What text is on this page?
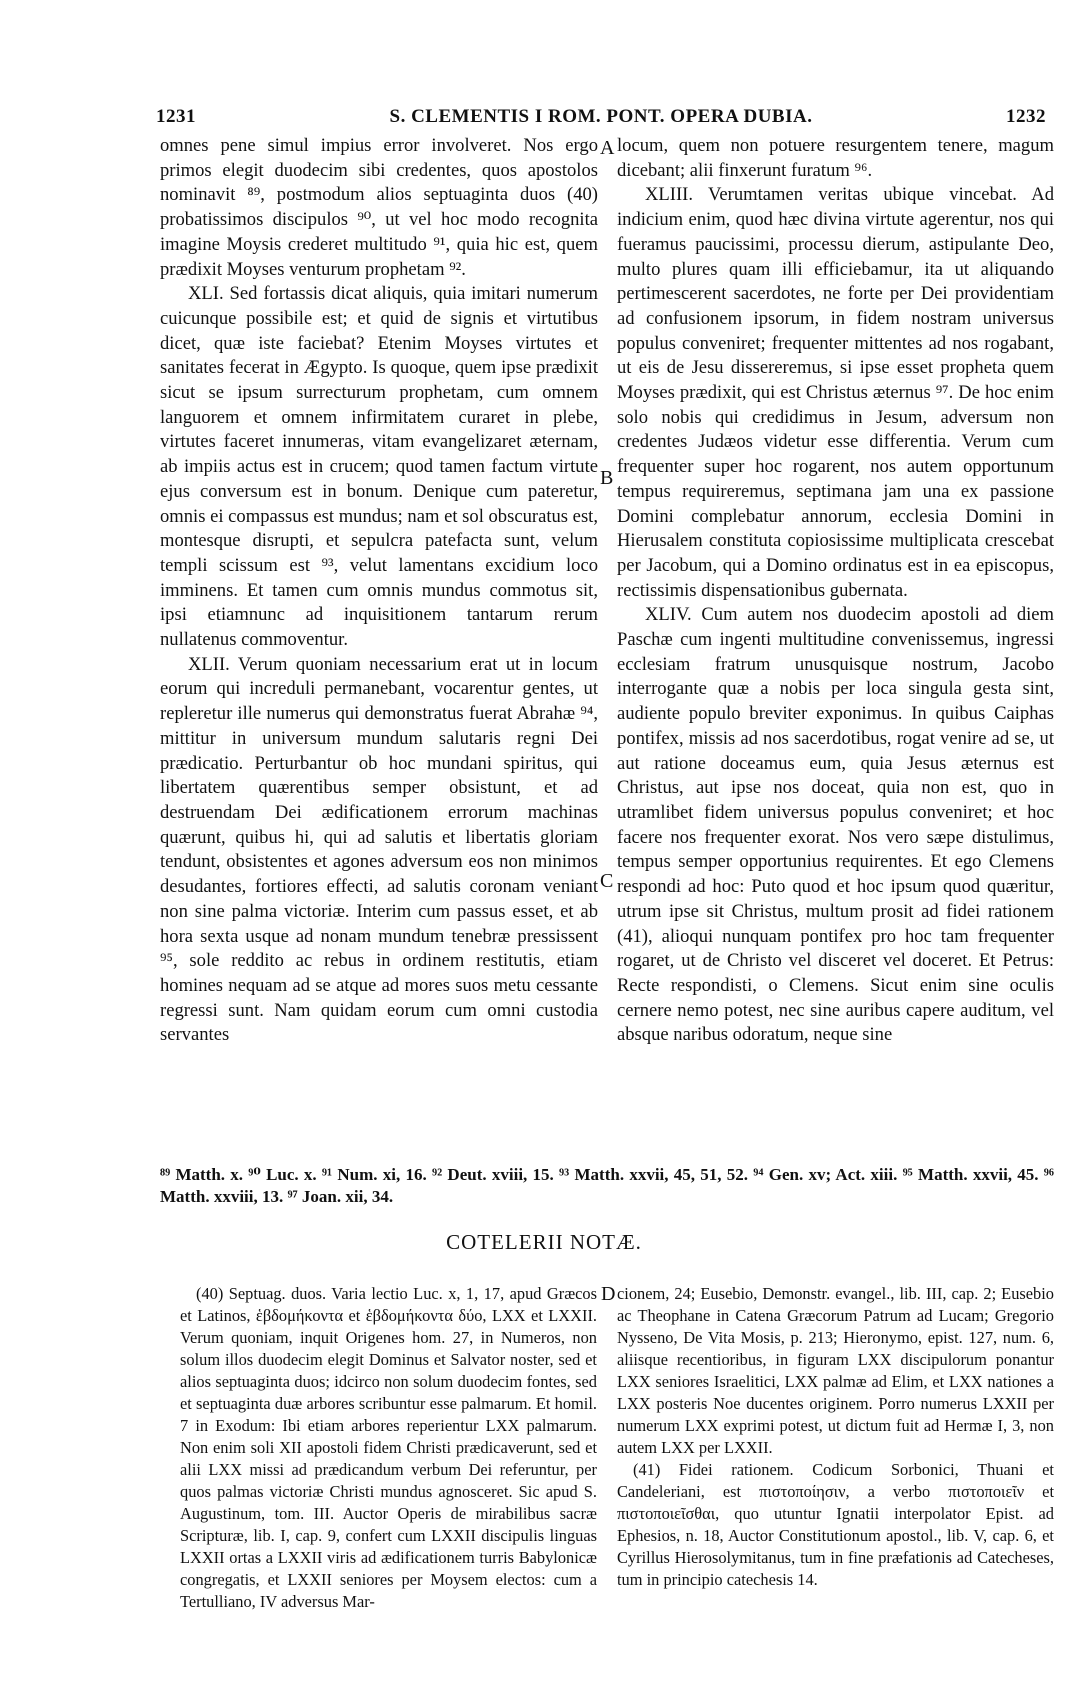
1231	S. CLEMENTIS I ROM. PONT. OPERA DUBIA.	1232

omnes pene simul impius error involveret. Nos ergo primos elegit duodecim sibi credentes, quos apostolos nominavit ⁸⁹, postmodum alios septuaginta duos (40) probatissimos discipulos ⁹⁰, ut vel hoc modo recognita imagine Moysis crederet multitudo ⁹¹, quia hic est, quem prædixit Moyses venturum prophetam ⁹².

XLI. Sed fortassis dicat aliquis, quia imitari numerum cuicunque possibile est; et quid de signis et virtutibus dicet, quæ iste faciebat? Etenim Moyses virtutes et sanitates fecerat in Ægypto. Is quoque, quem ipse prædixit sicut se ipsum surrecturum prophetam, cum omnem languorem et omnem infirmitatem curaret in plebe, virtutes faceret innumeras, vitam evangelizaret æternam, ab impiis actus est in crucem; quod tamen factum virtute ejus conversum est in bonum. Denique cum pateretur, omnis ei compassus est mundus; nam et sol obscuratus est, montesque disrupti, et sepulcra patefacta sunt, velum templi scissum est ⁹³, velut lamentans excidium loco imminens. Et tamen cum omnis mundus commotus sit, ipsi etiamnunc ad inquisitionem tantarum rerum nullatenus commoventur.

XLII. Verum quoniam necessarium erat ut in locum eorum qui increduli permanebant, vocarentur gentes, ut repleretur ille numerus qui demonstratus fuerat Abrahæ ⁹⁴, mittitur in universum mundum salutaris regni Dei prædicatio. Perturbantur ob hoc mundani spiritus, qui libertatem quærentibus semper obsistunt, et ad destruendam Dei ædificationem errorum machinas quærunt, quibus hi, qui ad salutis et libertatis gloriam tendunt, obsistentes et agones adversum eos non minimos desudantes, fortiores effecti, ad salutis coronam veniant non sine palma victoriæ. Interim cum passus esset, et ab hora sexta usque ad nonam mundum tenebræ pressissent ⁹⁵, sole reddito ac rebus in ordinem restitutis, etiam homines nequam ad se atque ad mores suos metu cessante regressi sunt. Nam quidam eorum cum omni custodia servantes

A
B
C

locum, quem non potuere resurgentem tenere, magum dicebant; alii finxerunt furatum ⁹⁶.

XLIII. Verumtamen veritas ubique vincebat. Ad indicium enim, quod hæc divina virtute agerentur, nos qui fueramus paucissimi, processu dierum, astipulante Deo, multo plures quam illi efficiebamur, ita ut aliquando pertimescerent sacerdotes, ne forte per Dei providentiam ad confusionem ipsorum, in fidem nostram universus populus conveniret; frequenter mittentes ad nos rogabant, ut eis de Jesu dissereremus, si ipse esset propheta quem Moyses prædixit, qui est Christus æternus ⁹⁷. De hoc enim solo nobis qui credidimus in Jesum, adversum non credentes Judæos videtur esse differentia. Verum cum frequenter super hoc rogarent, nos autem opportunum tempus requireremus, septimana jam una ex passione Domini complebatur annorum, ecclesia Domini in Hierusalem constituta copiosissime multiplicata crescebat per Jacobum, qui a Domino ordinatus est in ea episcopus, rectissimis dispensationibus gubernata.

XLIV. Cum autem nos duodecim apostoli ad diem Paschæ cum ingenti multitudine convenissemus, ingressi ecclesiam fratrum unusquisque nostrum, Jacobo interrogante quæ a nobis per loca singula gesta sint, audiente populo breviter exponimus. In quibus Caiphas pontifex, missis ad nos sacerdotibus, rogat venire ad se, ut aut ratione doceamus eum, quia Jesus æternus est Christus, aut ipse nos doceat, quia non est, quo in utramlibet fidem universus populus conveniret; et hoc facere nos frequenter exorat. Nos vero sæpe distulimus, tempus semper opportunius requirentes. Et ego Clemens respondi ad hoc: Puto quod et hoc ipsum quod quæritur, utrum ipse sit Christus, multum prosit ad fidei rationem (41), alioqui nunquam pontifex pro hoc tam frequenter rogaret, ut de Christo vel disceret vel doceret. Et Petrus: Recte respondisti, o Clemens. Sicut enim sine oculis cernere nemo potest, nec sine auribus capere auditum, vel absque naribus odoratum, neque sine

⁸⁹ Matth. x. ⁹⁰ Luc. x. ⁹¹ Num. xi, 16. ⁹² Deut. xviii, 15. ⁹³ Matth. xxvii, 45, 51, 52. ⁹⁴ Gen. xv; Act. xiii. ⁹⁵ Matth. xxvii, 45. ⁹⁶ Matth. xxviii, 13. ⁹⁷ Joan. xii, 34.
COTELERII NOTÆ.

(40) Septuag. duos. Varia lectio Luc. x, 1, 17, apud Græcos et Latinos, ἑβδομήκοντα et ἑβδομήκοντα δύο, LXX et LXXII. Verum quoniam, inquit Origenes hom. 27, in Numeros, non solum illos duodecim elegit Dominus et Salvator noster, sed et alios septuaginta duos; idcirco non solum duodecim fontes, sed et septuaginta duæ arbores scribuntur esse palmarum. Et homil. 7 in Exodum: Ibi etiam arbores reperientur LXX palmarum. Non enim soli XII apostoli fidem Christi prædicaverunt, sed et alii LXX missi ad prædicandum verbum Dei referuntur, per quos palmas victoriæ Christi mundus agnosceret. Sic apud S. Augustinum, tom. III. Auctor Operis de mirabilibus sacræ Scripturæ, lib. I, cap. 9, confert cum LXXII discipulis linguas LXXII ortas a LXXII viris ad ædificationem turris Babylonicæ congregatis, et LXXII seniores per Moysem electos: cum a Tertulliano, IV adversus Mar-

D cionem, 24; Eusebio, Demonstr. evangel., lib. III, cap. 2; Eusebio ac Theophane in Catena Græcorum Patrum ad Lucam; Gregorio Nysseno, De Vita Mosis, p. 213; Hieronymo, epist. 127, num. 6, aliisque recentioribus, in figuram LXX discipulorum ponantur LXX seniores Israelitici, LXX palmæ ad Elim, et LXX nationes a LXX posteris Noe ducentes originem. Porro numerus LXXII per numerum LXX exprimi potest, ut dictum fuit ad Hermæ I, 3, non autem LXX per LXXII.

(41) Fidei rationem. Codicum Sorbonici, Thuani et Candeleriani, est πιστοποίησιν, a verbo πιστοποιεῖν et πιστοποιεῖσθαι, quo utuntur Ignatii interpolator Epist. ad Ephesios, n. 18, Auctor Constitutionum apostol., lib. V, cap. 6, et Cyrillus Hierosolymitanus, tum in fine præfationis ad Catecheses, tum in principio catechesis 14.
